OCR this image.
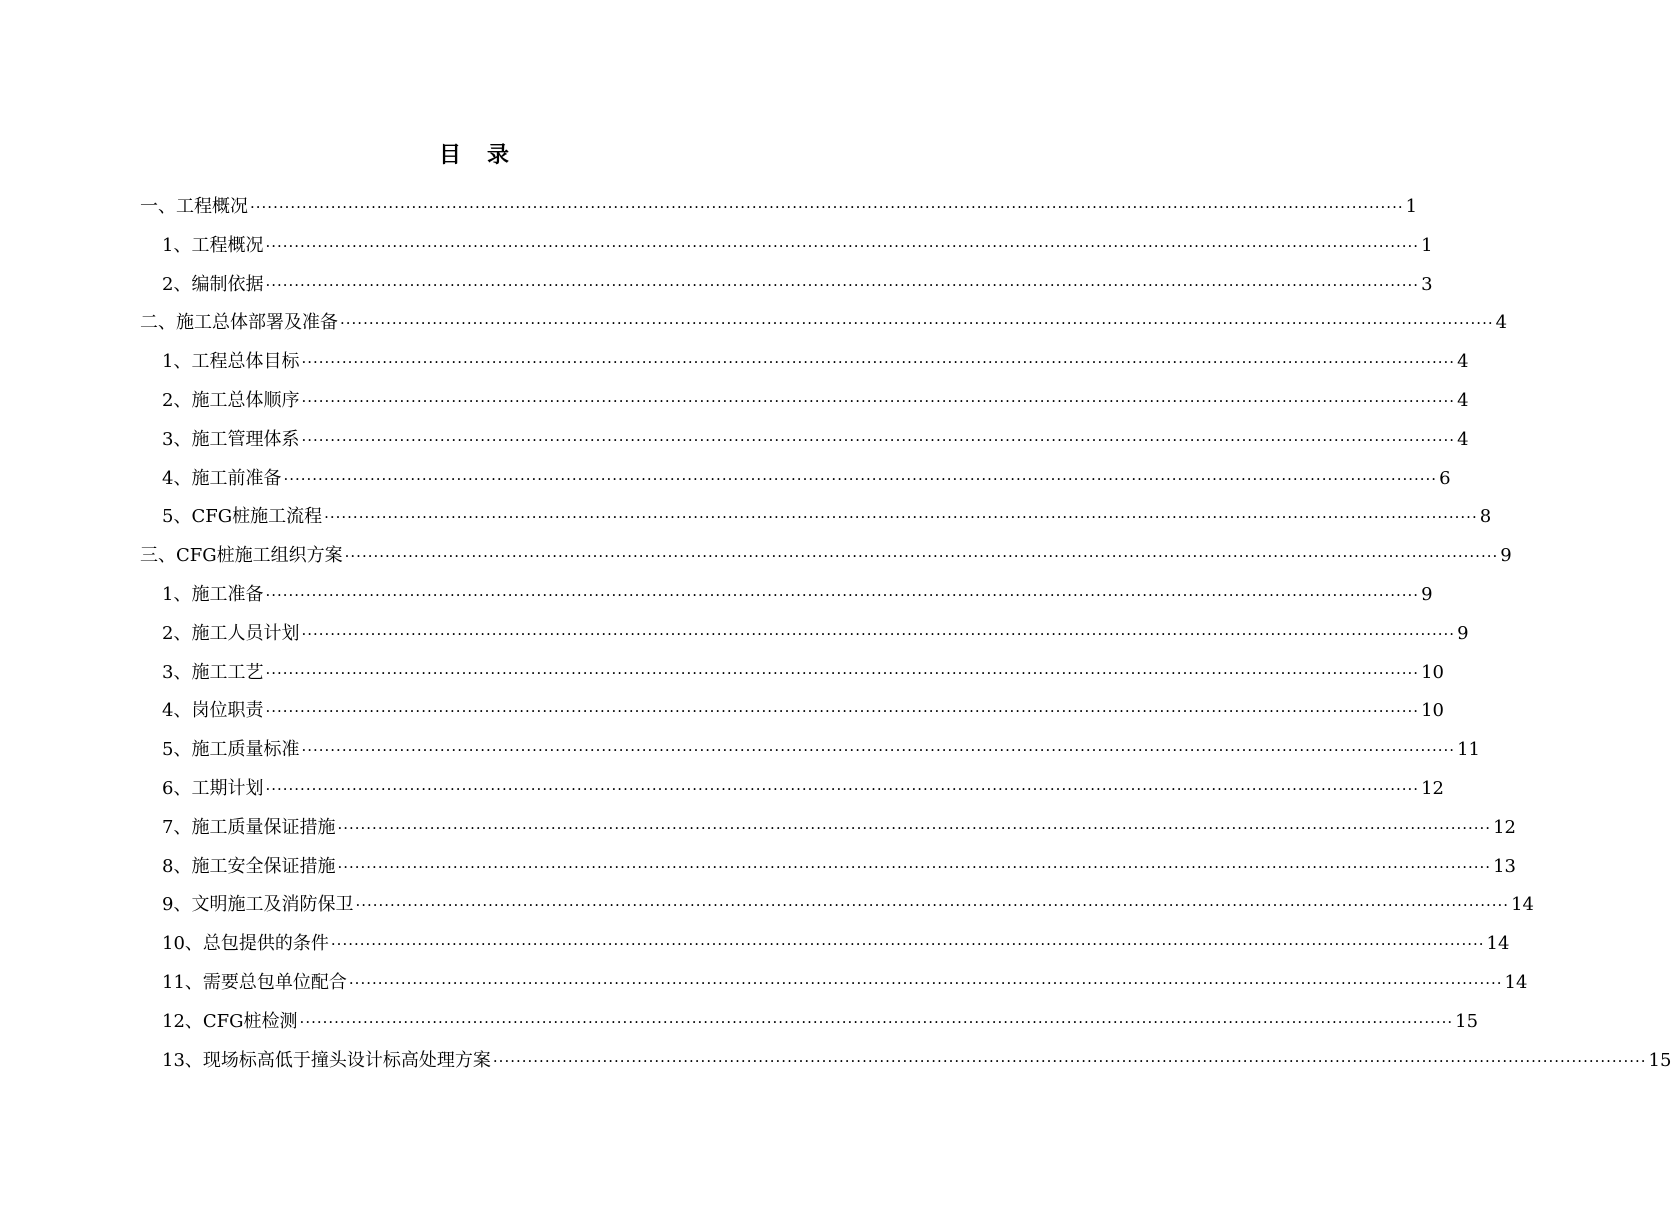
目　录
一、工程概况 ········································································································································································································ 1
1、工程概况 ········································································································································································································ 1
2、编制依据 ········································································································································································································ 3
二、施工总体部署及准备 ········································································································································································································ 4
1、工程总体目标 ········································································································································································································ 4
2、施工总体顺序 ········································································································································································································ 4
3、施工管理体系 ········································································································································································································ 4
4、施工前准备 ········································································································································································································ 6
5、CFG桩施工流程 ········································································································································································································ 8
三、CFG桩施工组织方案 ········································································································································································································ 9
1、施工准备 ········································································································································································································ 9
2、施工人员计划 ········································································································································································································ 9
3、施工工艺 ········································································································································································································ 10
4、岗位职责 ········································································································································································································ 10
5、施工质量标准 ········································································································································································································ 11
6、工期计划 ········································································································································································································ 12
7、施工质量保证措施 ········································································································································································································ 12
8、施工安全保证措施 ········································································································································································································ 13
9、文明施工及消防保卫 ········································································································································································································ 14
10、总包提供的条件 ········································································································································································································ 14
11、需要总包单位配合 ········································································································································································································ 14
12、CFG桩检测 ········································································································································································································ 15
13、现场标高低于撞头设计标高处理方案 ········································································································································································································ 15
